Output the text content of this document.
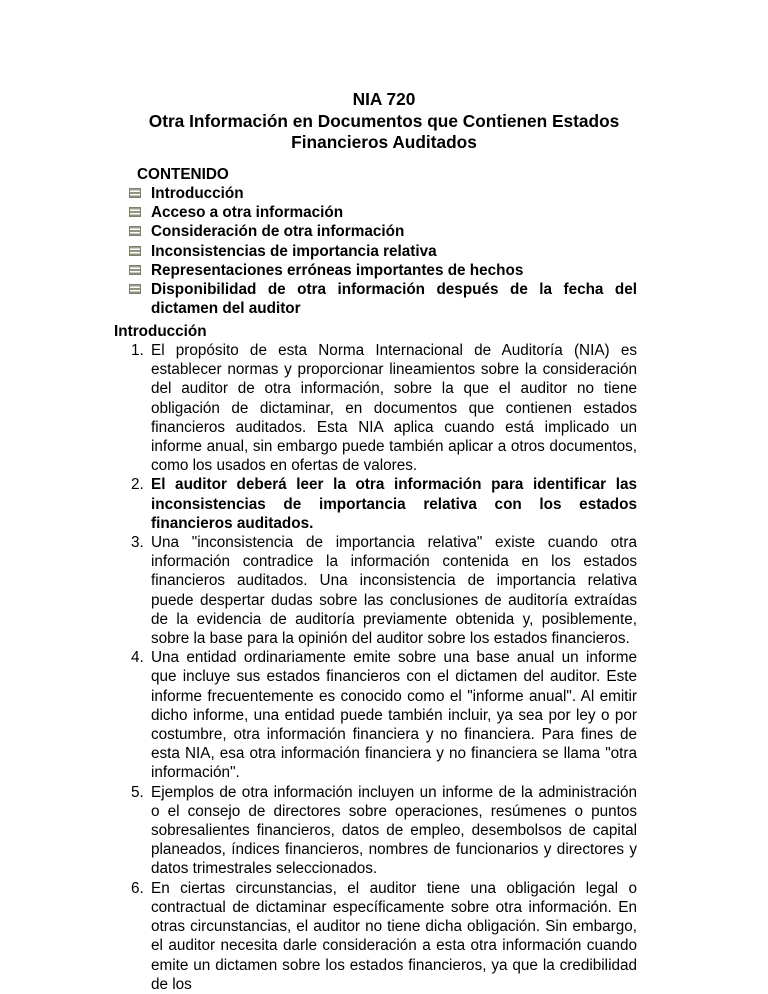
NIA 720
Otra Información en Documentos que Contienen Estados
Financieros Auditados
CONTENIDO
Introducción
Acceso a otra información
Consideración de otra información
Inconsistencias de importancia relativa
Representaciones erróneas importantes de hechos
Disponibilidad de otra información después de la fecha del dictamen del auditor
Introducción
1. El propósito de esta Norma Internacional de Auditoría (NIA) es establecer normas y proporcionar lineamientos sobre la consideración del auditor de otra información, sobre la que el auditor no tiene obligación de dictaminar, en documentos que contienen estados financieros auditados. Esta NIA aplica cuando está implicado un informe anual, sin embargo puede también aplicar a otros documentos, como los usados en ofertas de valores.
2. El auditor deberá leer la otra información para identificar las inconsistencias de importancia relativa con los estados financieros auditados.
3. Una "inconsistencia de importancia relativa" existe cuando otra información contradice la información contenida en los estados financieros auditados. Una inconsistencia de importancia relativa puede despertar dudas sobre las conclusiones de auditoría extraídas de la evidencia de auditoría previamente obtenida y, posiblemente, sobre la base para la opinión del auditor sobre los estados financieros.
4. Una entidad ordinariamente emite sobre una base anual un informe que incluye sus estados financieros con el dictamen del auditor. Este informe frecuentemente es conocido como el "informe anual". Al emitir dicho informe, una entidad puede también incluir, ya sea por ley o por costumbre, otra información financiera y no financiera. Para fines de esta NIA, esa otra información financiera y no financiera se llama "otra información".
5. Ejemplos de otra información incluyen un informe de la administración o el consejo de directores sobre operaciones, resúmenes o puntos sobresalientes financieros, datos de empleo, desembolsos de capital planeados, índices financieros, nombres de funcionarios y directores y datos trimestrales seleccionados.
6. En ciertas circunstancias, el auditor tiene una obligación legal o contractual de dictaminar específicamente sobre otra información. En otras circunstancias, el auditor no tiene dicha obligación. Sin embargo, el auditor necesita darle consideración a esta otra información cuando emite un dictamen sobre los estados financieros, ya que la credibilidad de los
